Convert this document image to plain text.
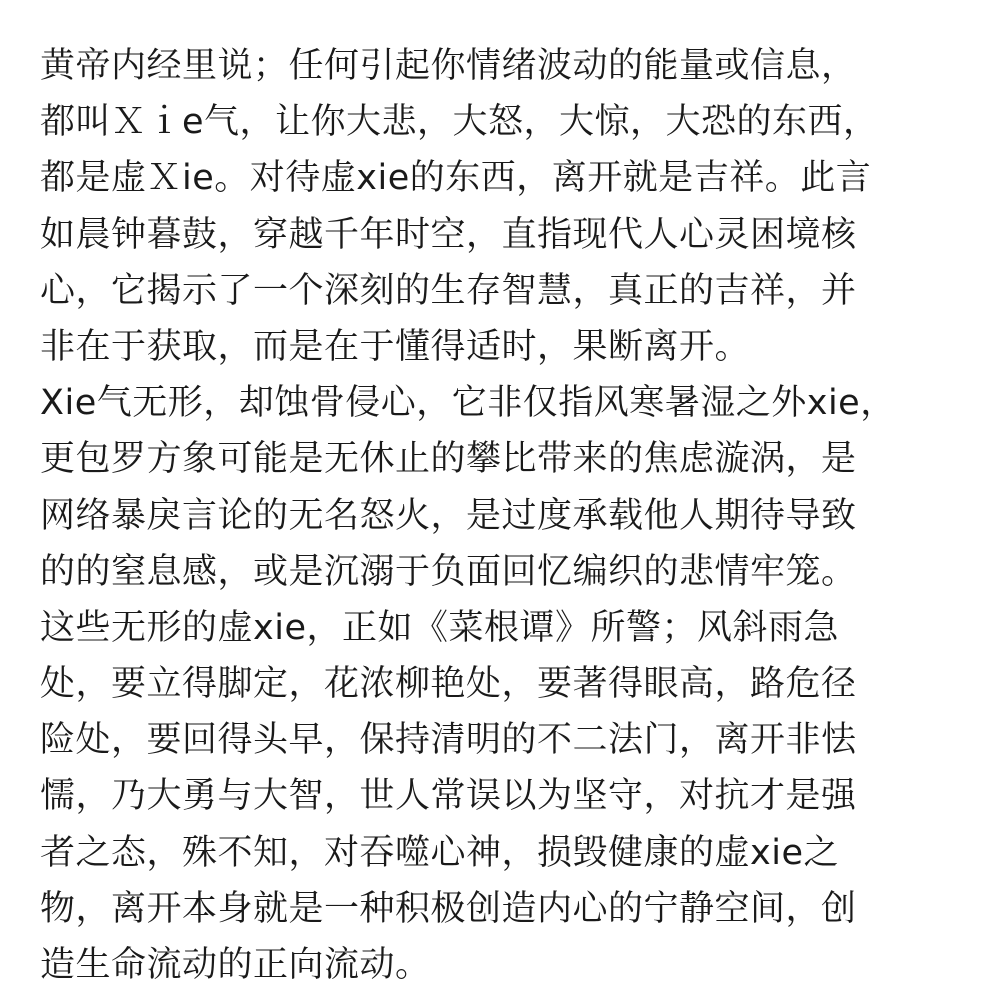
黄帝内经里说；任何引起你情绪波动的能量或信息，
都叫Ｘｉe气，让你大悲，大怒，大惊，大恐的东西，
都是虚Ｘie。对待虚xie的东西，离开就是吉祥。此言
如晨钟暮鼓，穿越千年时空，直指现代人心灵困境核
心，它揭示了一个深刻的生存智慧，真正的吉祥，并
非在于获取，而是在于懂得适时，果断离开。
Xie气无形，却蚀骨侵心，它非仅指风寒暑湿之外xie，
更包罗方象可能是无休止的攀比带来的焦虑漩涡，是
网络暴戾言论的无名怒火，是过度承载他人期待导致
的的窒息感，或是沉溺于负面回忆编织的悲情牢笼。
这些无形的虚xie，正如《菜根谭》所警；风斜雨急
处，要立得脚定，花浓柳艳处，要著得眼高，路危径
险处，要回得头早，保持清明的不二法门，离开非怯
懦，乃大勇与大智，世人常误以为坚守，对抗才是强
者之态，殊不知，对吞噬心神，损毁健康的虚xie之
物，离开本身就是一种积极创造内心的宁静空间，创
造生命流动的正向流动。
